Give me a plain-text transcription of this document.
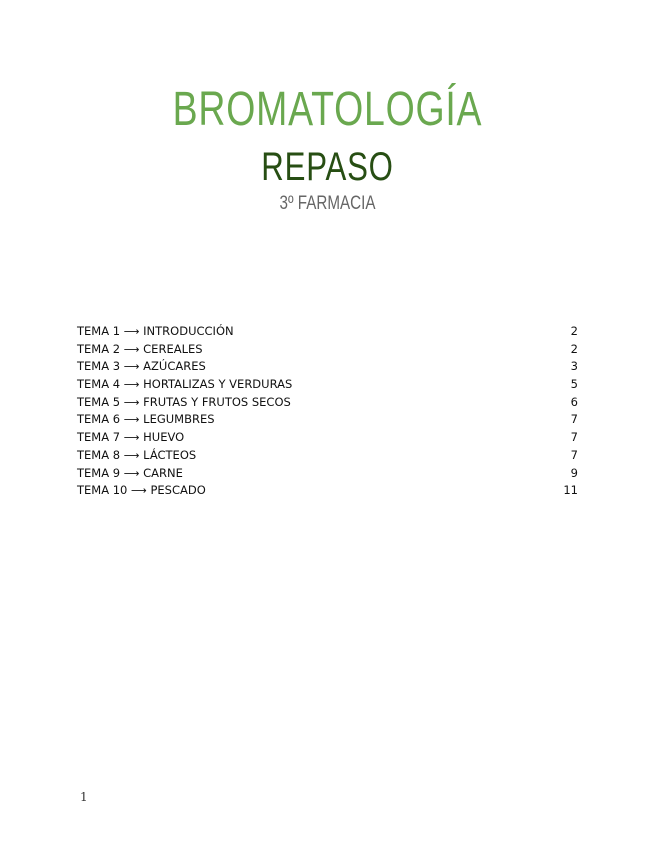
BROMATOLOGÍA
REPASO
3º FARMACIA
TEMA 1 ⟶ INTRODUCCIÓN	2
TEMA 2 ⟶ CEREALES	2
TEMA 3 ⟶ AZÚCARES	3
TEMA 4 ⟶ HORTALIZAS Y VERDURAS	5
TEMA 5 ⟶ FRUTAS Y FRUTOS SECOS	6
TEMA 6 ⟶ LEGUMBRES	7
TEMA 7 ⟶ HUEVO	7
TEMA 8 ⟶ LÁCTEOS	7
TEMA 9 ⟶ CARNE	9
TEMA 10 ⟶ PESCADO	11
1
